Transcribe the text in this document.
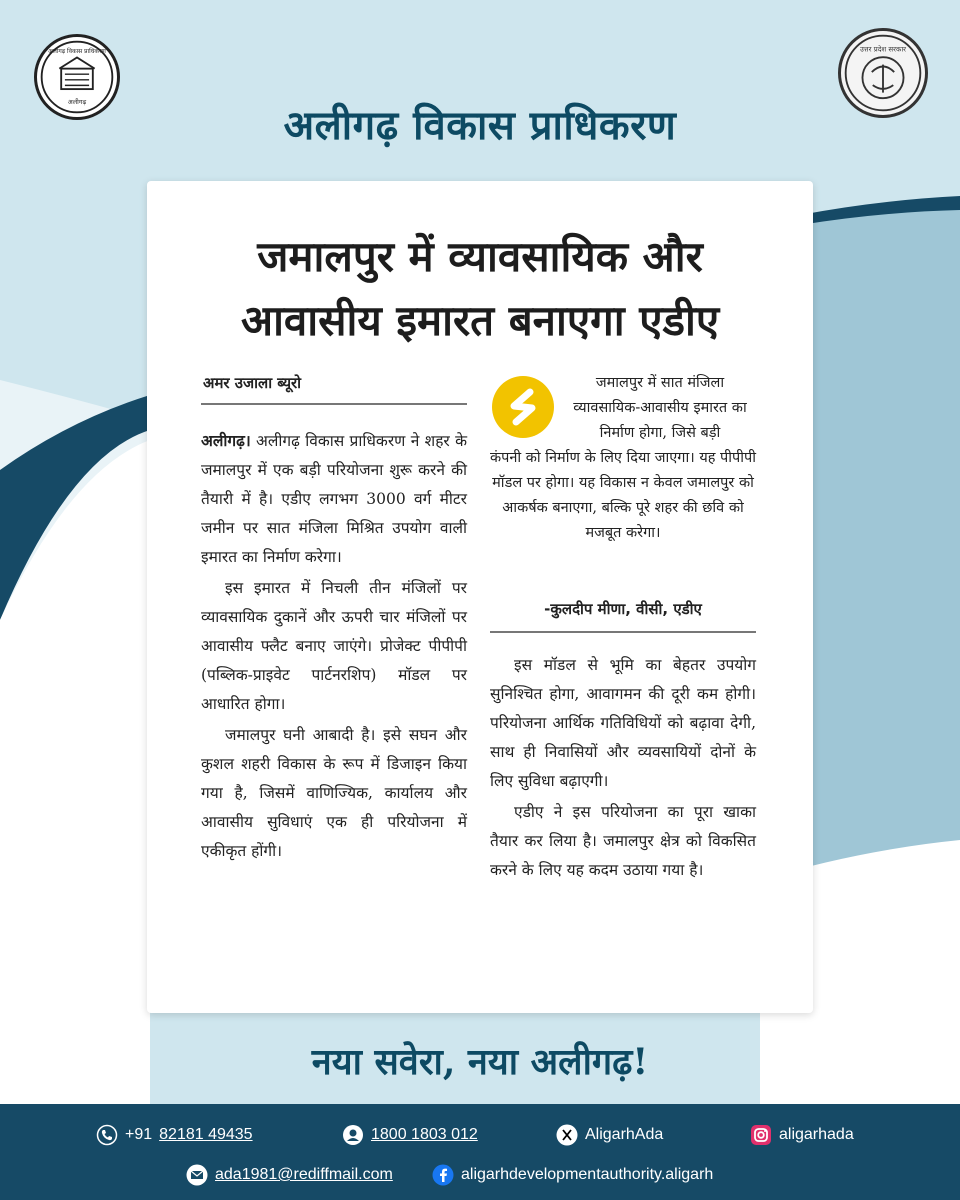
अलीगढ़ विकास प्राधिकरण
अलीगढ़
उत्तर प्रदेश सरकार
अलीगढ़ विकास प्राधिकरण
जमालपुर में व्यावसायिक और
आवासीय इमारत बनाएगा एडीए
अमर उजाला ब्यूरो

अलीगढ़। अलीगढ़ विकास प्राधिकरण ने शहर के जमालपुर में एक बड़ी परियोजना शुरू करने की तैयारी में है। एडीए लगभग 3000 वर्ग मीटर जमीन पर सात मंजिला मिश्रित उपयोग वाली इमारत का निर्माण करेगा।

इस इमारत में निचली तीन मंजिलों पर व्यावसायिक दुकानें और ऊपरी चार मंजिलों पर आवासीय फ्लैट बनाए जाएंगे। प्रोजेक्ट पीपीपी (पब्लिक-प्राइवेट पार्टनरशिप) मॉडल पर आधारित होगा।

जमालपुर घनी आबादी है। इसे सघन और कुशल शहरी विकास के रूप में डिजाइन किया गया है, जिसमें वाणिज्यिक, कार्यालय और आवासीय सुविधाएं एक ही परियोजना में एकीकृत होंगी।

जमालपुर में सात मंजिला व्यावसायिक-आवासीय इमारत का निर्माण होगा, जिसे बड़ी
कंपनी को निर्माण के लिए दिया जाएगा। यह पीपीपी मॉडल पर होगा। यह विकास न केवल जमालपुर को आकर्षक बनाएगा, बल्कि पूरे शहर की छवि को मजबूत करेगा।
-कुलदीप मीणा, वीसी, एडीए

इस मॉडल से भूमि का बेहतर उपयोग सुनिश्चित होगा, आवागमन की दूरी कम होगी। परियोजना आर्थिक गतिविधियों को बढ़ावा देगी, साथ ही निवासियों और व्यवसायियों दोनों के लिए सुविधा बढ़ाएगी।

एडीए ने इस परियोजना का पूरा खाका तैयार कर लिया है। जमालपुर क्षेत्र को विकसित करने के लिए यह कदम उठाया गया है।

नया सवेरा, नया अलीगढ़!
+91 82181 49435	1800 1803 012	AligarhAda	aligarhada
ada1981@rediffmail.com	aligarhdevelopmentauthority.aligarh
